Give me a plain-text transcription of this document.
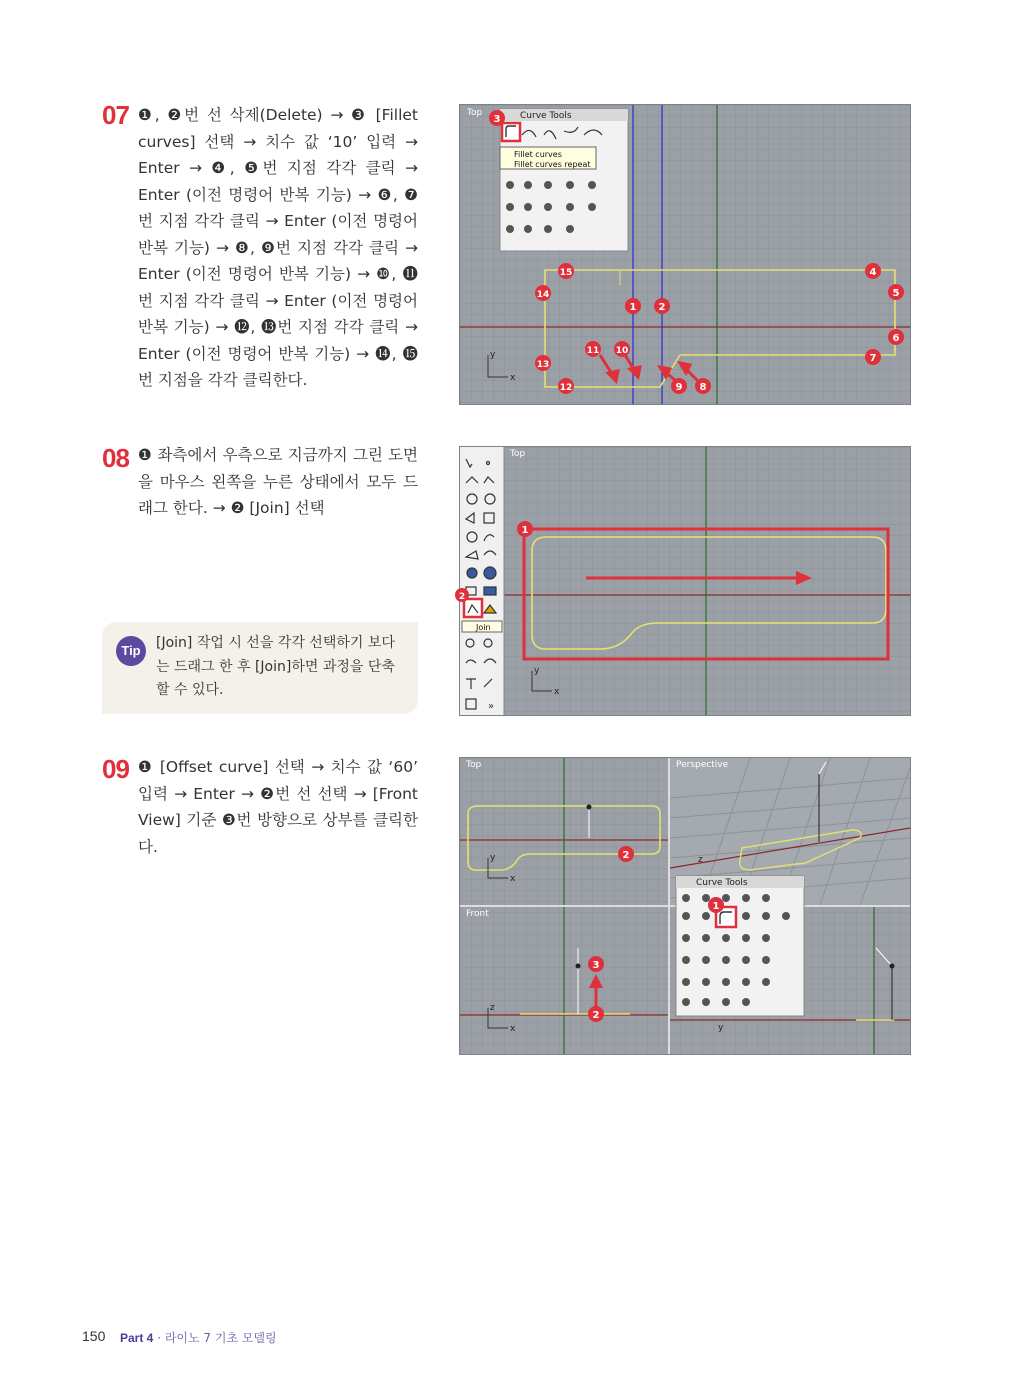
07 ❶, ❷번 선 삭제(Delete) → ❸ [Fillet curves] 선택 → 치수 값 ‘10’ 입력 → Enter → ❹, ❺번 지점 각각 클릭 → Enter (이전 명령어 반복 기능) → ❻, ❼번 지점 각각 클릭 → Enter (이전 명령어 반복 기능) → ❽, ❾번 지점 각각 클릭 → Enter (이전 명령어 반복 기능) → ❿, ⓫번 지점 각각 클릭 → Enter (이전 명령어 반복 기능) → ⓬, ⓭번 지점 각각 클릭 → Enter (이전 명령어 반복 기능) → ⓮, ⓯번 지점을 각각 클릭한다.
y
x
Top	Curve Tools
Fillet curves
Fillet curves repeat
3
15	4
14	5
1 2
6
11 10
7
13
12	9 8
08 ❶ 좌측에서 우측으로 지금까지 그린 도면을 마우스 왼쪽을 누른 상태에서 모두 드래그 한다. → ❷ [Join] 선택
Tip	[Join] 작업 시 선을 각각 선택하기 보다는 드래그 한 후 [Join]하면 과정을 단축할 수 있다.
»
Join
Top
y
x
1
2
09 ❶ [Offset curve] 선택 → 치수 값 ‘60’ 입력 → Enter → ❷번 선 선택 → [Front View] 기준 ❸번 방향으로 상부를 클릭한다.
y
x
Top	Perspective
z
z
x
Front
y
Curve Tools
1
2
3
2
150 Part 4 · 라이노 7 기초 모델링
